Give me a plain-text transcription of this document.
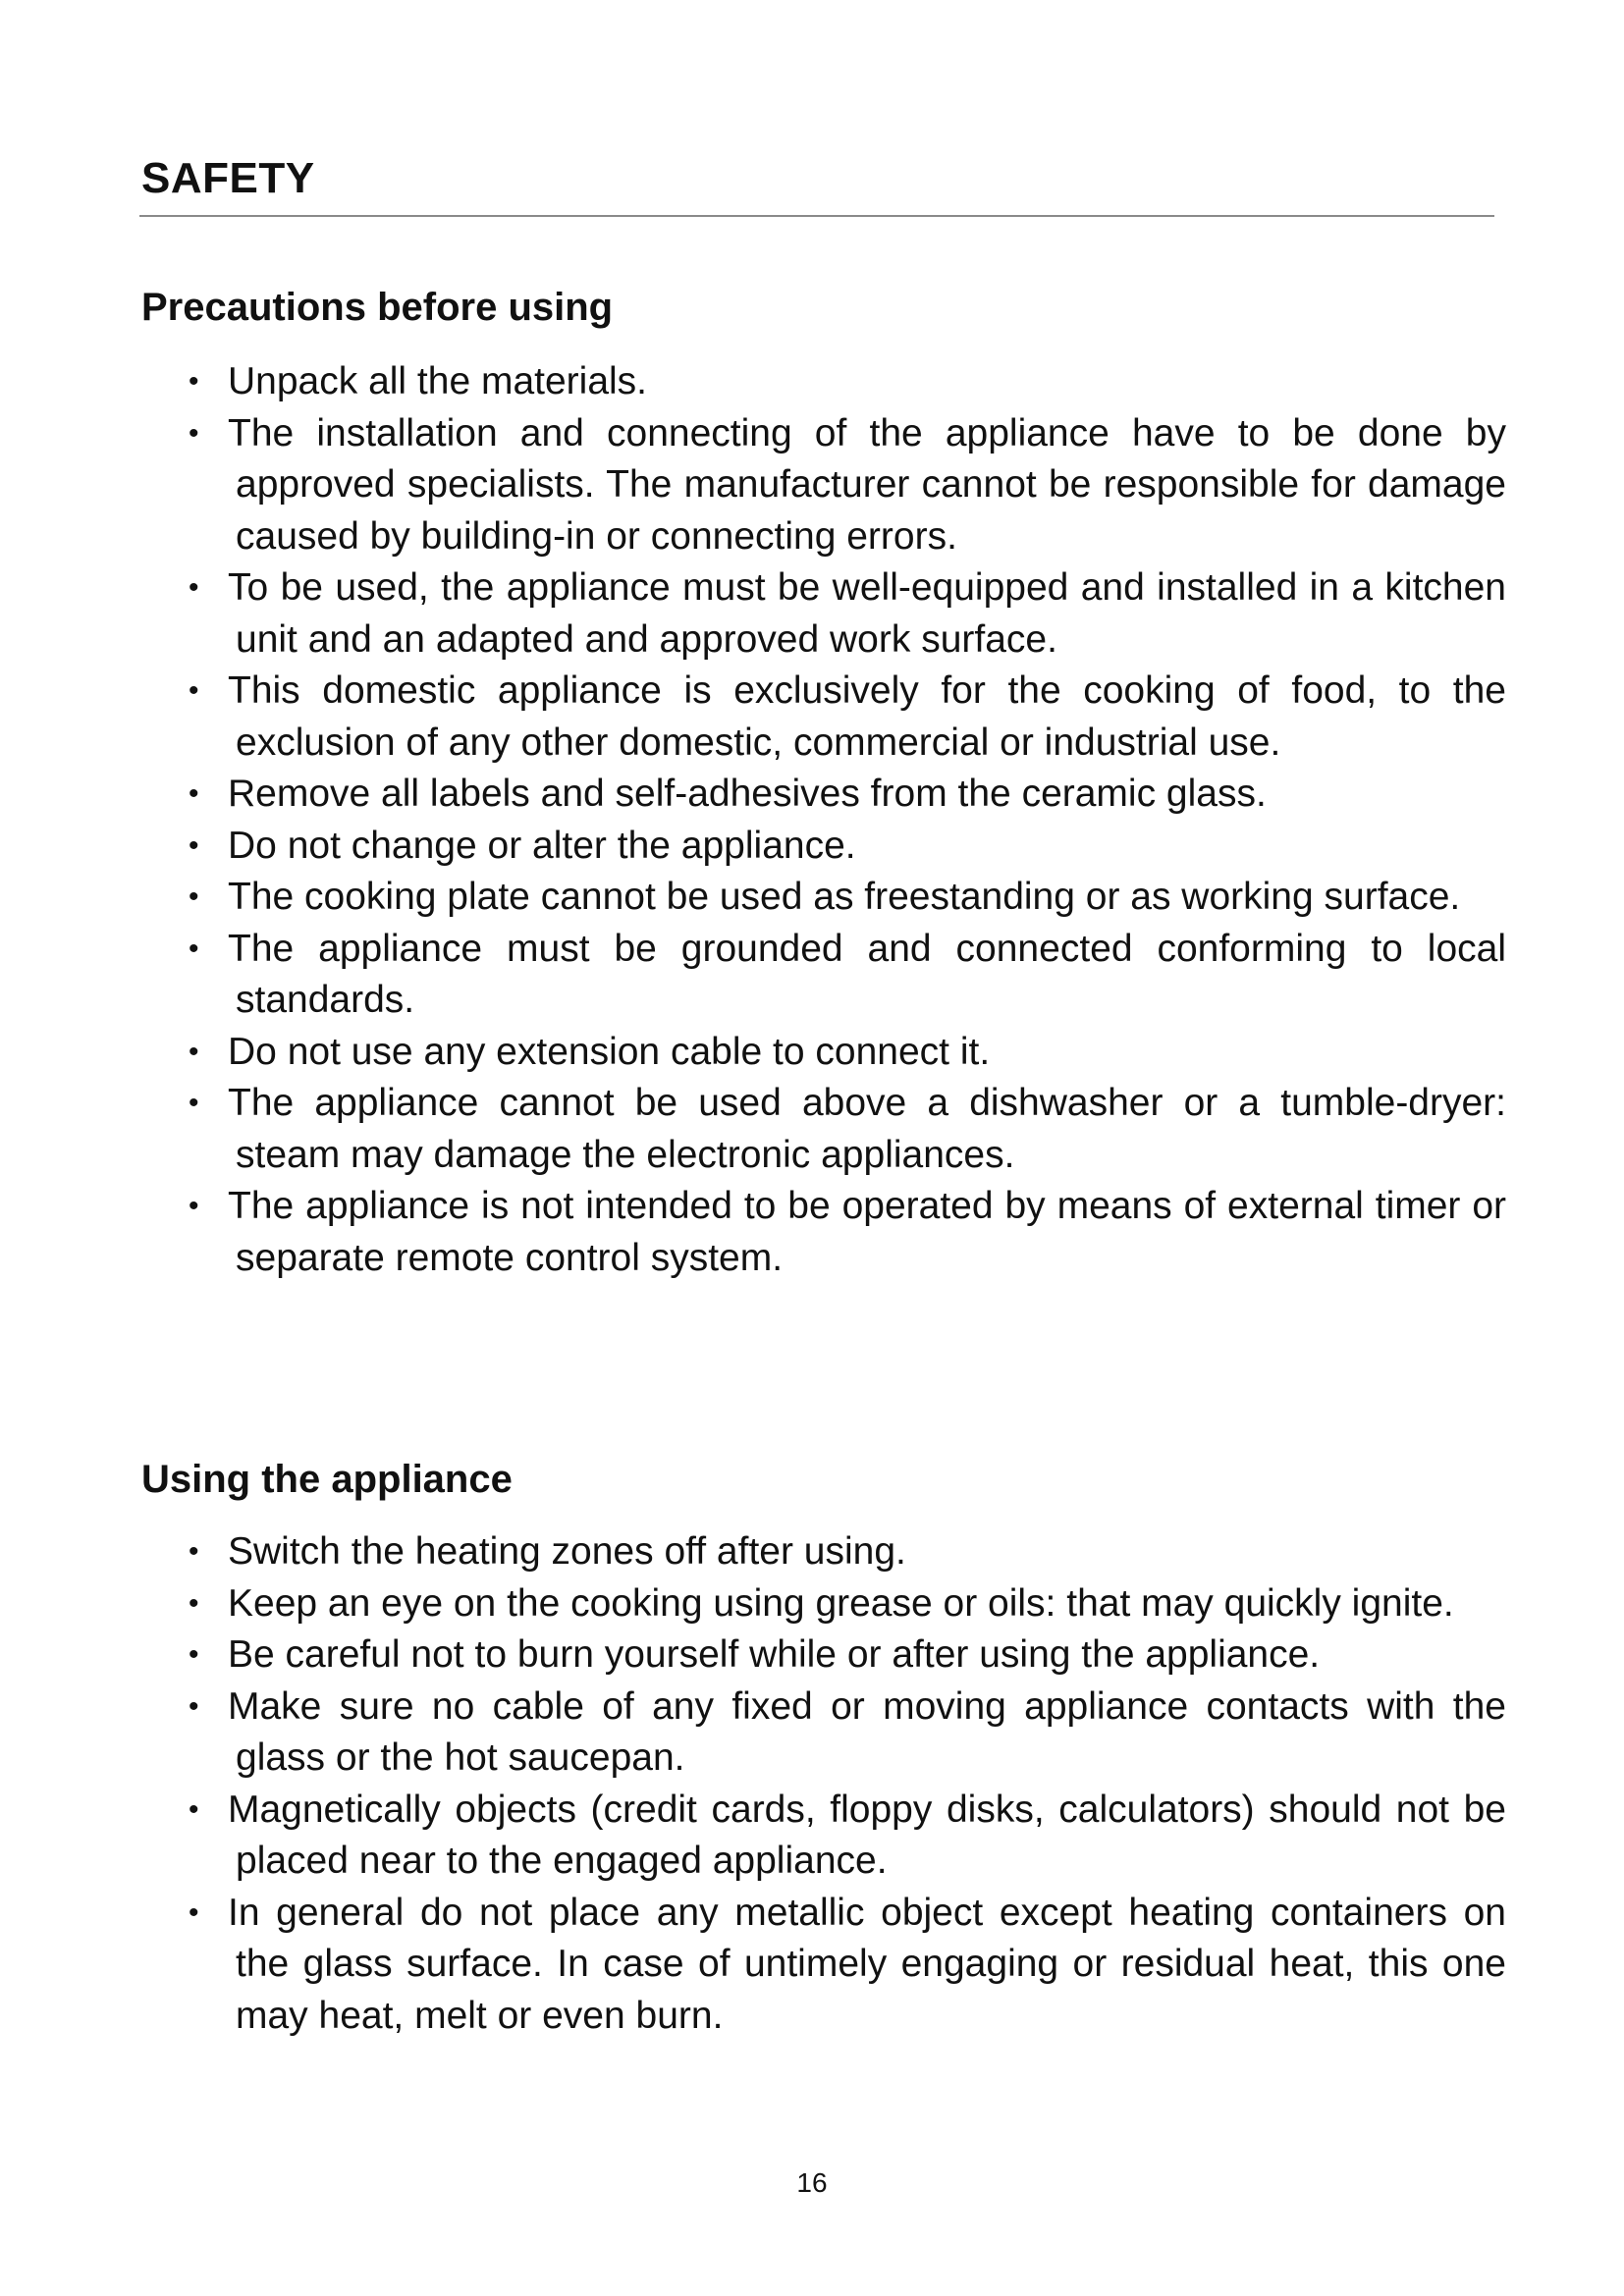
SAFETY
Precautions before using
• Unpack all the materials.
• The installation and connecting of the appliance have to be done by approved specialists. The manufacturer cannot be responsible for damage caused by building-in or connecting errors.
• To be used, the appliance must be well-equipped and installed in a kitchen unit and an adapted and approved work surface.
• This domestic appliance is exclusively for the cooking of food, to the exclusion of any other domestic, commercial or industrial use.
• Remove all labels and self-adhesives from the ceramic glass.
• Do not change or alter the appliance.
• The cooking plate cannot be used as freestanding or as working surface.
• The appliance must be grounded and connected conforming to local standards.
• Do not use any extension cable to connect it.
• The appliance cannot be used above a dishwasher or a tumble-dryer: steam may damage the electronic appliances.
• The appliance is not intended to be operated by means of external timer or separate remote control system.
Using the appliance
• Switch the heating zones off after using.
• Keep an eye on the cooking using grease or oils: that may quickly ignite.
• Be careful not to burn yourself while or after using the appliance.
• Make sure no cable of any fixed or moving appliance contacts with the glass or the hot saucepan.
• Magnetically objects (credit cards, floppy disks, calculators) should not be placed near to the engaged appliance.
• In general do not place any metallic object except heating containers on the glass surface. In case of untimely engaging or residual heat, this one may heat, melt or even burn.

16
